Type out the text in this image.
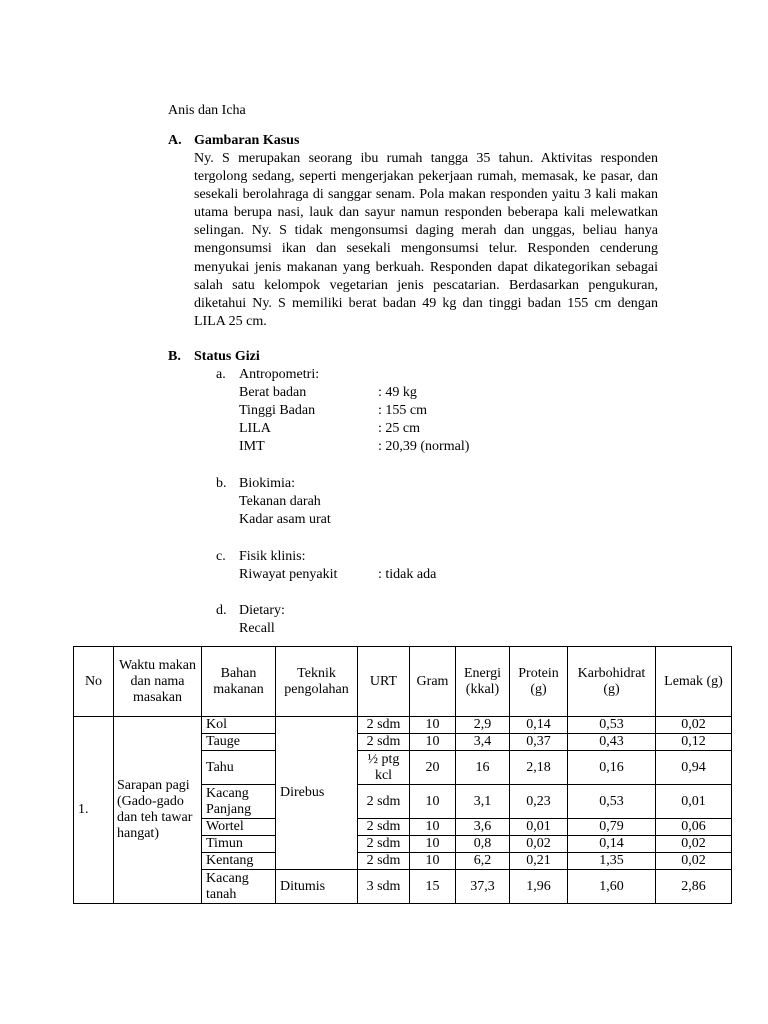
Anis dan Icha
A. Gambaran Kasus
Ny. S merupakan seorang ibu rumah tangga 35 tahun. Aktivitas responden tergolong sedang, seperti mengerjakan pekerjaan rumah, memasak, ke pasar, dan sesekali berolahraga di sanggar senam. Pola makan responden yaitu 3 kali makan utama berupa nasi, lauk dan sayur namun responden beberapa kali melewatkan selingan. Ny. S tidak mengonsumsi daging merah dan unggas, beliau hanya mengonsumsi ikan dan sesekali mengonsumsi telur. Responden cenderung menyukai jenis makanan yang berkuah. Responden dapat dikategorikan sebagai salah satu kelompok vegetarian jenis pescatarian. Berdasarkan pengukuran, diketahui Ny. S memiliki berat badan 49 kg dan tinggi badan 155 cm dengan LILA 25 cm.
B. Status Gizi
a. Antropometri:
Berat badan	: 49 kg
Tinggi Badan	: 155 cm
LILA	: 25 cm
IMT	: 20,39 (normal)
b. Biokimia:
Tekanan darah
Kadar asam urat
c. Fisik klinis:
Riwayat penyakit	: tidak ada
d. Dietary:
Recall
No	Waktu makan dan nama masakan	Bahan makanan	Teknik pengolahan	URT	Gram	Energi (kkal)	Protein (g)	Karbohidrat (g)	Lemak (g)
1.	Sarapan pagi (Gado-gado dan teh tawar hangat)	Kol	Direbus	2 sdm	10	2,9	0,14	0,53	0,02
		Tauge		2 sdm	10	3,4	0,37	0,43	0,12
		Tahu		½ ptg kcl	20	16	2,18	0,16	0,94
		Kacang Panjang		2 sdm	10	3,1	0,23	0,53	0,01
		Wortel		2 sdm	10	3,6	0,01	0,79	0,06
		Timun		2 sdm	10	0,8	0,02	0,14	0,02
		Kentang		2 sdm	10	6,2	0,21	1,35	0,02
		Kacang tanah	Ditumis	3 sdm	15	37,3	1,96	1,60	2,86
